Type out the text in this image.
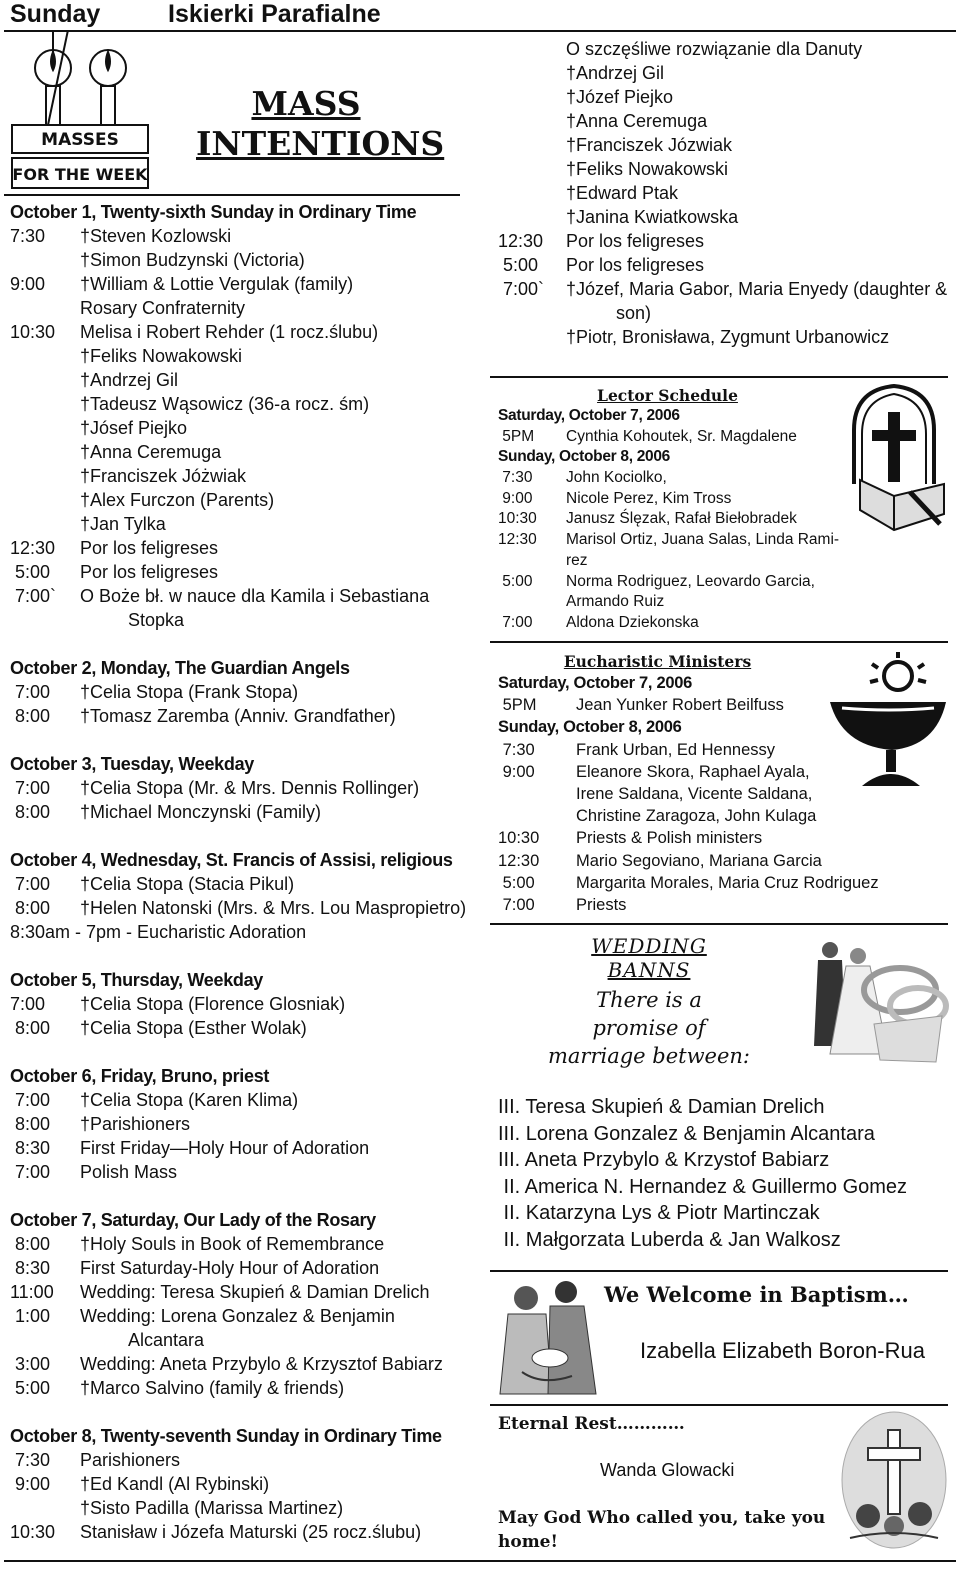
Sunday	Iskierki Parafialne
MASSES
FOR THE WEEK
MASS
INTENTIONS
October 1, Twenty-sixth Sunday in Ordinary Time
7:30	†Steven Kozlowski
†Simon Budzynski (Victoria)
9:00	†William & Lottie Vergulak (family)
Rosary Confraternity
10:30	Melisa i Robert Rehder (1 rocz.ślubu)
†Feliks Nowakowski
†Andrzej Gil
†Tadeusz Wąsowicz (36-a rocz. śm)
†Jósef Piejko
†Anna Ceremuga
†Franciszek Jóżwiak
†Alex Furczon (Parents)
†Jan Tylka
12:30	Por los feligreses
5:00	Por los feligreses
7:00`	O Boże bł. w nauce dla Kamila i Sebastiana
Stopka
October 2, Monday, The Guardian Angels
7:00	†Celia Stopa (Frank Stopa)
8:00	†Tomasz Zaremba (Anniv. Grandfather)
October 3, Tuesday, Weekday
7:00	†Celia Stopa (Mr. & Mrs. Dennis Rollinger)
8:00	†Michael Monczynski (Family)
October 4, Wednesday, St. Francis of Assisi, religious
7:00	†Celia Stopa (Stacia Pikul)
8:00	†Helen Natonski (Mrs. & Mrs. Lou Maspropietro)
8:30am - 7pm - Eucharistic Adoration
October 5, Thursday, Weekday
7:00	†Celia Stopa (Florence Glosniak)
8:00	†Celia Stopa (Esther Wolak)
October 6, Friday, Bruno, priest
7:00	†Celia Stopa (Karen Klima)
8:00	†Parishioners
8:30	First Friday—Holy Hour of Adoration
7:00	Polish Mass
October 7, Saturday, Our Lady of the Rosary
8:00	†Holy Souls in Book of Remembrance
8:30	First Saturday-Holy Hour of Adoration
11:00	Wedding: Teresa Skupień & Damian Drelich
1:00	Wedding: Lorena Gonzalez & Benjamin
Alcantara
3:00	Wedding: Aneta Przybylo & Krzysztof Babiarz
5:00	†Marco Salvino (family & friends)
October 8, Twenty-seventh Sunday in Ordinary Time
7:30	Parishioners
9:00	†Ed Kandl (Al Rybinski)
†Sisto Padilla (Marissa Martinez)
10:30	Stanisław i Józefa Maturski (25 rocz.ślubu)
O szczęśliwe rozwiązanie dla Danuty
†Andrzej Gil
†Józef Piejko
†Anna Ceremuga
†Franciszek Józwiak
†Feliks Nowakowski
†Edward Ptak
†Janina Kwiatkowska
12:30	Por los feligreses
5:00	Por los feligreses
7:00`	†Józef, Maria Gabor, Maria Enyedy (daughter &
son)
†Piotr, Bronisława, Zygmunt Urbanowicz
Lector Schedule
Saturday, October 7, 2006
5PM	Cynthia Kohoutek, Sr. Magdalene
Sunday, October 8, 2006
7:30	John Kociolko,
9:00	Nicole Perez, Kim Tross
10:30	Janusz Ślęzak, Rafał Biełobradek
12:30	Marisol Ortiz, Juana Salas, Linda Rami-
rez
5:00	Norma Rodriguez, Leovardo Garcia,
Armando Ruiz
7:00	Aldona Dziekonska
Eucharistic Ministers
Saturday, October 7, 2006
5PM	Jean Yunker Robert Beilfuss
Sunday, October 8, 2006
7:30	Frank Urban, Ed Hennessy
9:00	Eleanore Skora, Raphael Ayala,
Irene Saldana, Vicente Saldana,
Christine Zaragoza, John Kulaga
10:30	Priests & Polish ministers
12:30	Mario Segoviano, Mariana Garcia
5:00	Margarita Morales, Maria Cruz Rodriguez
7:00	Priests
WEDDING BANNS
There is a
promise of
marriage between:
III. Teresa Skupień & Damian Drelich
III. Lorena Gonzalez & Benjamin Alcantara
III. Aneta Przybylo & Krzystof Babiarz
II. America N. Hernandez & Guillermo Gomez
II. Katarzyna Lys & Piotr Martinczak
II. Małgorzata Luberda & Jan Walkosz
We Welcome in Baptism…
Izabella Elizabeth Boron-Rua
Eternal Rest…………
Wanda Glowacki
May God Who called you, take you
home!
